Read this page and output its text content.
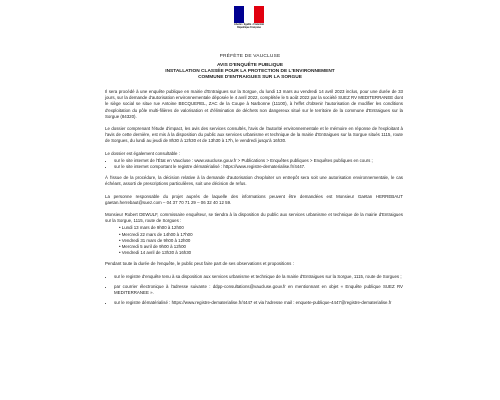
Liberté • Égalité • Fraternité
République Française
PRÉFÈTE DE VAUCLUSE
AVIS D'ENQUÊTE PUBLIQUE
INSTALLATION CLASSÉE POUR LA PROTECTION DE L'ENVIRONNEMENT
COMMUNE D'ENTRAIGUES SUR LA SORGUE

Il sera procédé à une enquête publique en mairie d'Entraigues sur la Sorgue, du lundi 13 mars au vendredi 14 avril 2023 inclus, pour une durée de 33 jours, sur la demande d'autorisation environnementale déposée le 4 avril 2022, complétée le 5 août 2022 par la société SUEZ RV MEDITERRANEE dont le siège social se situe rue Antoine BECQUEREL, ZAC de la Coupe à Narbonne (11100), à l'effet d'obtenir l'autorisation de modifier les conditions d'exploitation du pôle multi-filières de valorisation et d'élimination de déchets non dangereux situé sur le territoire de la commune d'Entraigues sur la Sorgue (84320).

Le dossier comprenant l'étude d'impact, les avis des services consultés, l'avis de l'autorité environnementale et le mémoire en réponse de l'exploitant à l'avis de cette dernière, est mis à la disposition du public aux services urbanisme et technique de la mairie d'Entraigues sur la Sorgue situés 1115, route de Sorgues, du lundi au jeudi de 8h30 à 12h30 et de 13h30 à 17h, le vendredi jusqu'à 16h30.

Le dossier est également consultable :

• sur le site internet de l'État en Vaucluse : www.vaucluse.gouv.fr > Publications > Enquêtes publiques > Enquêtes publiques en cours ;
• sur le site internet comportant le registre dématérialisé : https://www.registre-dematerialise.fr/4447.

À l'issue de la procédure, la décision relative à la demande d'autorisation d'exploiter un entrepôt sera soit une autorisation environnementale, le cas échéant, assorti de prescriptions particulières, soit une décision de refus.

La personne responsable du projet auprès de laquelle des informations peuvent être demandées est Monsieur Gaëtan HERREBAUT gaetan.herrebaut@suez.com – 04 37 70 71 29 – 06 32 40 12 59.

Monsieur Robert DEWULF, commissaire enquêteur, se tiendra à la disposition du public aux services urbanisme et technique de la mairie d'Entraigues sur la Sorgue, 1115, route de Sorgues :

• Lundi 13 mars de 9h00 à 12h00
• Mercredi 22 mars de 14h00 à 17h00
• Vendredi 31 mars de 9h00 à 12h00
• Mercredi 5 avril de 9h00 à 12h00
• Vendredi 14 avril de 13h30 à 16h30

Pendant toute la durée de l'enquête, le public peut faire part de ses observations et propositions :

• sur le registre d'enquête tenu à sa disposition aux services urbanisme et technique de la mairie d'Entraigues sur la Sorgue, 1115, route de Sorgues ;
• par courrier électronique à l'adresse suivante : ddpp-consultations@vaucluse.gouv.fr en mentionnant en objet « Enquête publique SUEZ RV MEDITERRANEE ».
• sur le registre dématérialisé : https://www.registre-dematerialise.fr/4447 et via l'adresse mail : enquete-publique-4447@registre-dematerialise.fr
